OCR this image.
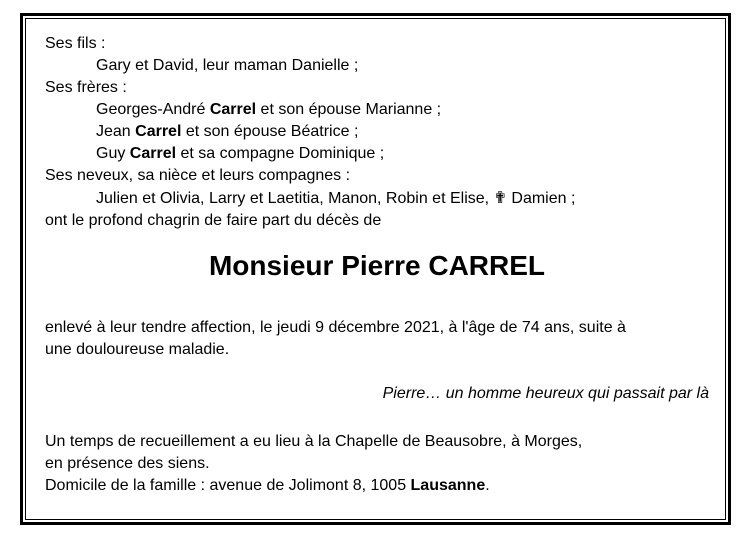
Ses fils :
Gary et David, leur maman Danielle ;
Ses frères :
Georges-André Carrel et son épouse Marianne ;
Jean Carrel et son épouse Béatrice ;
Guy Carrel et sa compagne Dominique ;
Ses neveux, sa nièce et leurs compagnes :
Julien et Olivia, Larry et Laetitia, Manon, Robin et Elise, ✟ Damien ;
ont le profond chagrin de faire part du décès de
Monsieur Pierre CARREL
enlevé à leur tendre affection, le jeudi 9 décembre 2021, à l'âge de 74 ans, suite à
une douloureuse maladie.
Pierre… un homme heureux qui passait par là
Un temps de recueillement a eu lieu à la Chapelle de Beausobre, à Morges,
en présence des siens.
Domicile de la famille : avenue de Jolimont 8, 1005 Lausanne.
